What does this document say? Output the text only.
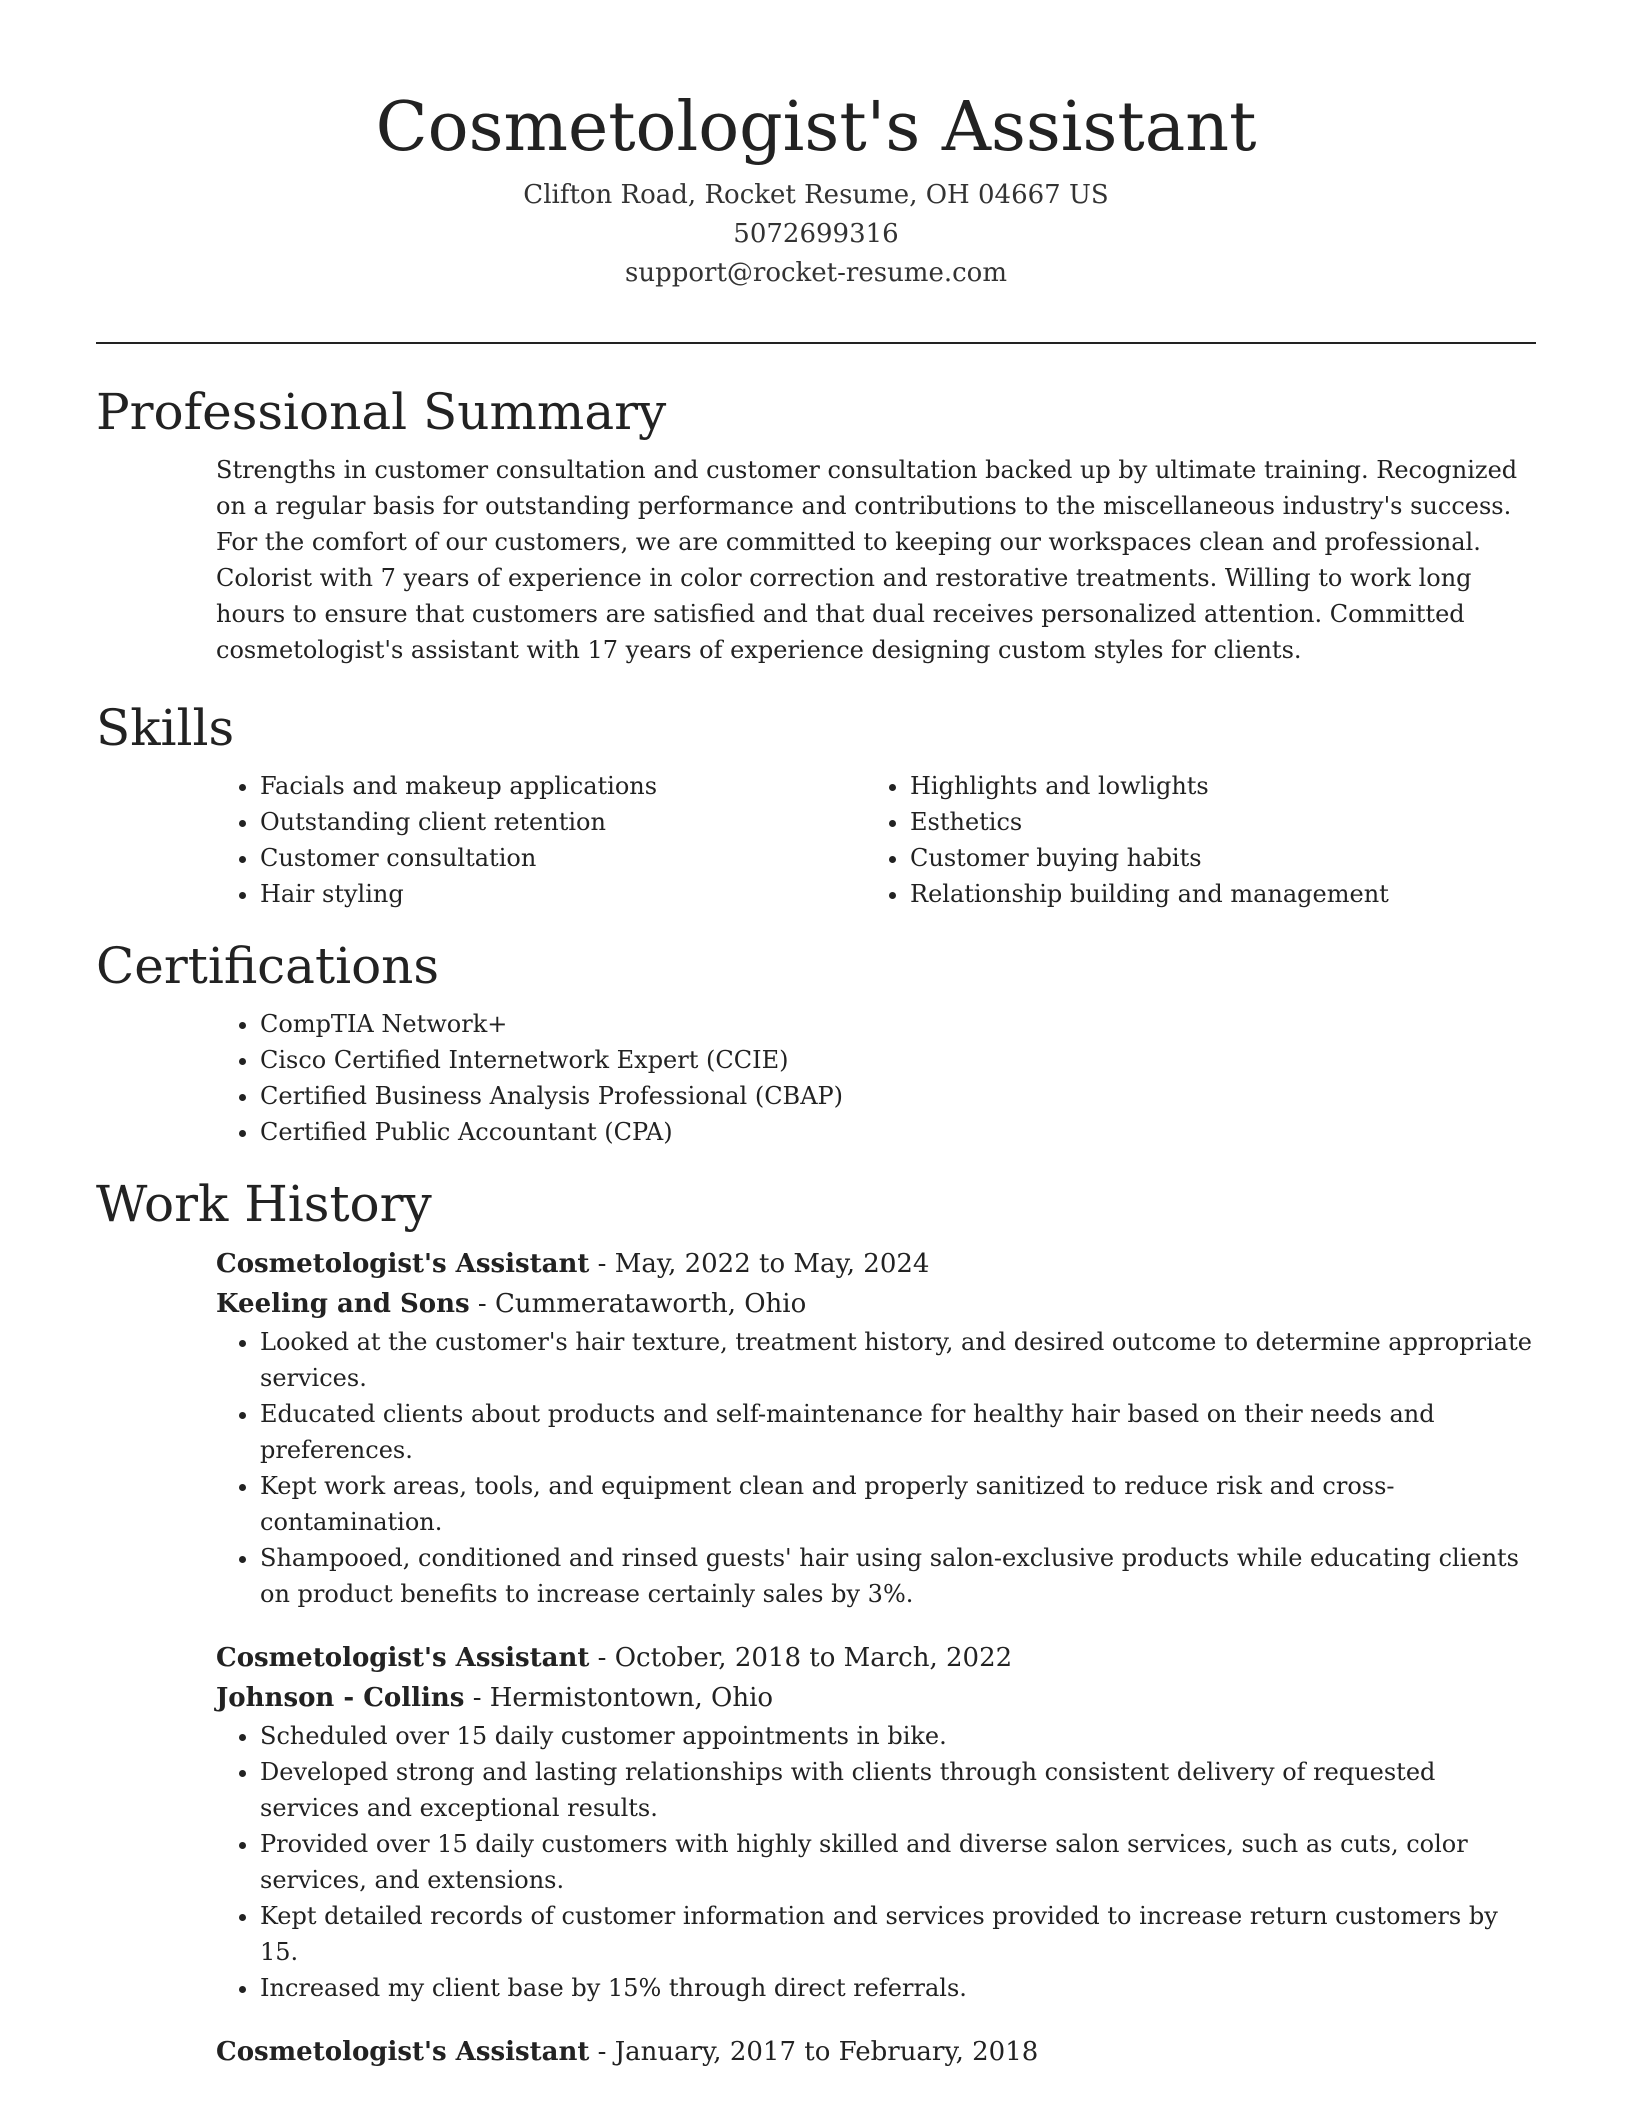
Cosmetologist's Assistant
Clifton Road, Rocket Resume, OH 04667 US
5072699316
support@rocket-resume.com
Professional Summary

Strengths in customer consultation and customer consultation backed up by ultimate training. Recognized on a regular basis for outstanding performance and contributions to the miscellaneous industry's success. For the comfort of our customers, we are committed to keeping our workspaces clean and professional. Colorist with 7 years of experience in color correction and restorative treatments. Willing to work long hours to ensure that customers are satisfied and that dual receives personalized attention. Committed cosmetologist's assistant with 17 years of experience designing custom styles for clients.

Skills
• Facials and makeup applications
• Outstanding client retention
• Customer consultation
• Hair styling
• Highlights and lowlights
• Esthetics
• Customer buying habits
• Relationship building and management
Certifications
• CompTIA Network+
• Cisco Certified Internetwork Expert (CCIE)
• Certified Business Analysis Professional (CBAP)
• Certified Public Accountant (CPA)
Work History
Cosmetologist's Assistant - May, 2022 to May, 2024
Keeling and Sons - Cummerataworth, Ohio
• Looked at the customer's hair texture, treatment history, and desired outcome to determine appropriate services.
• Educated clients about products and self-maintenance for healthy hair based on their needs and preferences.
• Kept work areas, tools, and equipment clean and properly sanitized to reduce risk and cross-contamination.
• Shampooed, conditioned and rinsed guests' hair using salon-exclusive products while educating clients on product benefits to increase certainly sales by 3%.
Cosmetologist's Assistant - October, 2018 to March, 2022
Johnson - Collins - Hermistontown, Ohio
• Scheduled over 15 daily customer appointments in bike.
• Developed strong and lasting relationships with clients through consistent delivery of requested services and exceptional results.
• Provided over 15 daily customers with highly skilled and diverse salon services, such as cuts, color services, and extensions.
• Kept detailed records of customer information and services provided to increase return customers by 15.
• Increased my client base by 15% through direct referrals.
Cosmetologist's Assistant - January, 2017 to February, 2018
